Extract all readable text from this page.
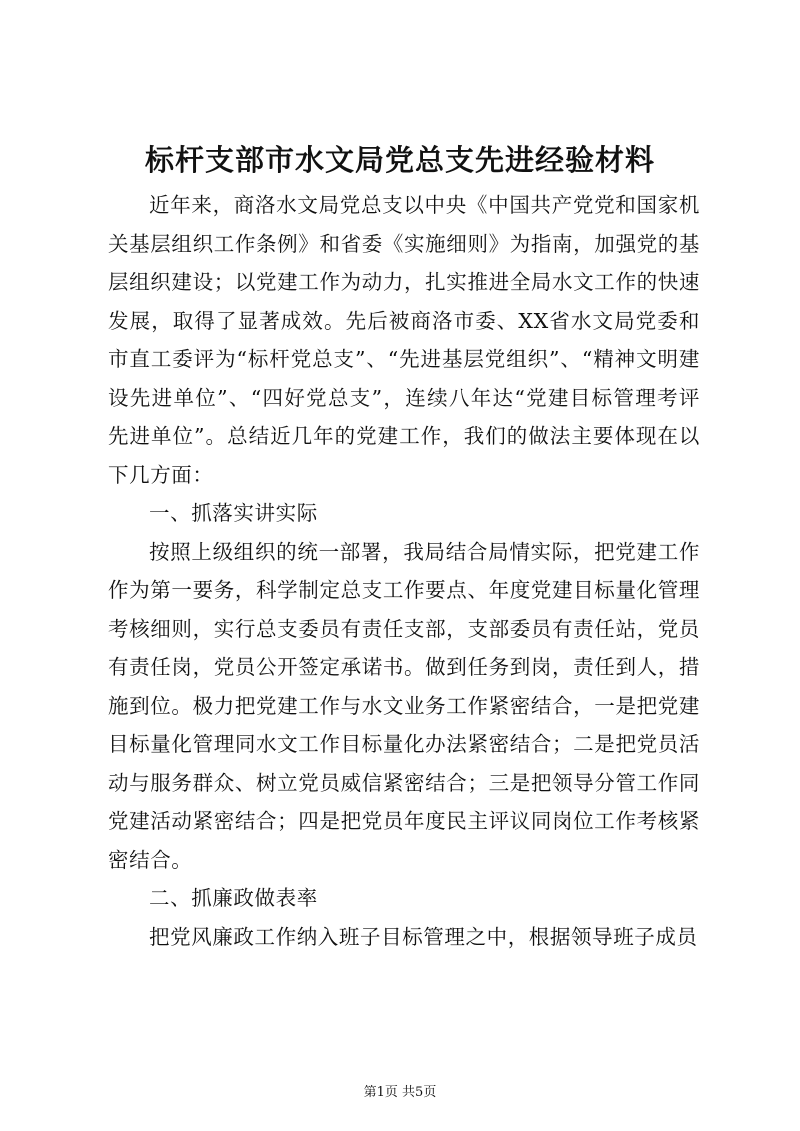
标杆支部市水文局党总支先进经验材料

近年来，商洛水文局党总支以中央《中国共产党党和国家机关基层组织工作条例》和省委《实施细则》为指南，加强党的基层组织建设；以党建工作为动力，扎实推进全局水文工作的快速发展，取得了显著成效。先后被商洛市委、XX省水文局党委和市直工委评为“标杆党总支”、“先进基层党组织”、“精神文明建设先进单位”、“四好党总支”，连续八年达“党建目标管理考评先进单位”。总结近几年的党建工作，我们的做法主要体现在以下几方面：

一、抓落实讲实际

按照上级组织的统一部署，我局结合局情实际，把党建工作作为第一要务，科学制定总支工作要点、年度党建目标量化管理考核细则，实行总支委员有责任支部，支部委员有责任站，党员有责任岗，党员公开签定承诺书。做到任务到岗，责任到人，措施到位。极力把党建工作与水文业务工作紧密结合，一是把党建目标量化管理同水文工作目标量化办法紧密结合；二是把党员活动与服务群众、树立党员威信紧密结合；三是把领导分管工作同党建活动紧密结合；四是把党员年度民主评议同岗位工作考核紧密结合。

二、抓廉政做表率

把党风廉政工作纳入班子目标管理之中，根据领导班子成员

第1页 共5页
